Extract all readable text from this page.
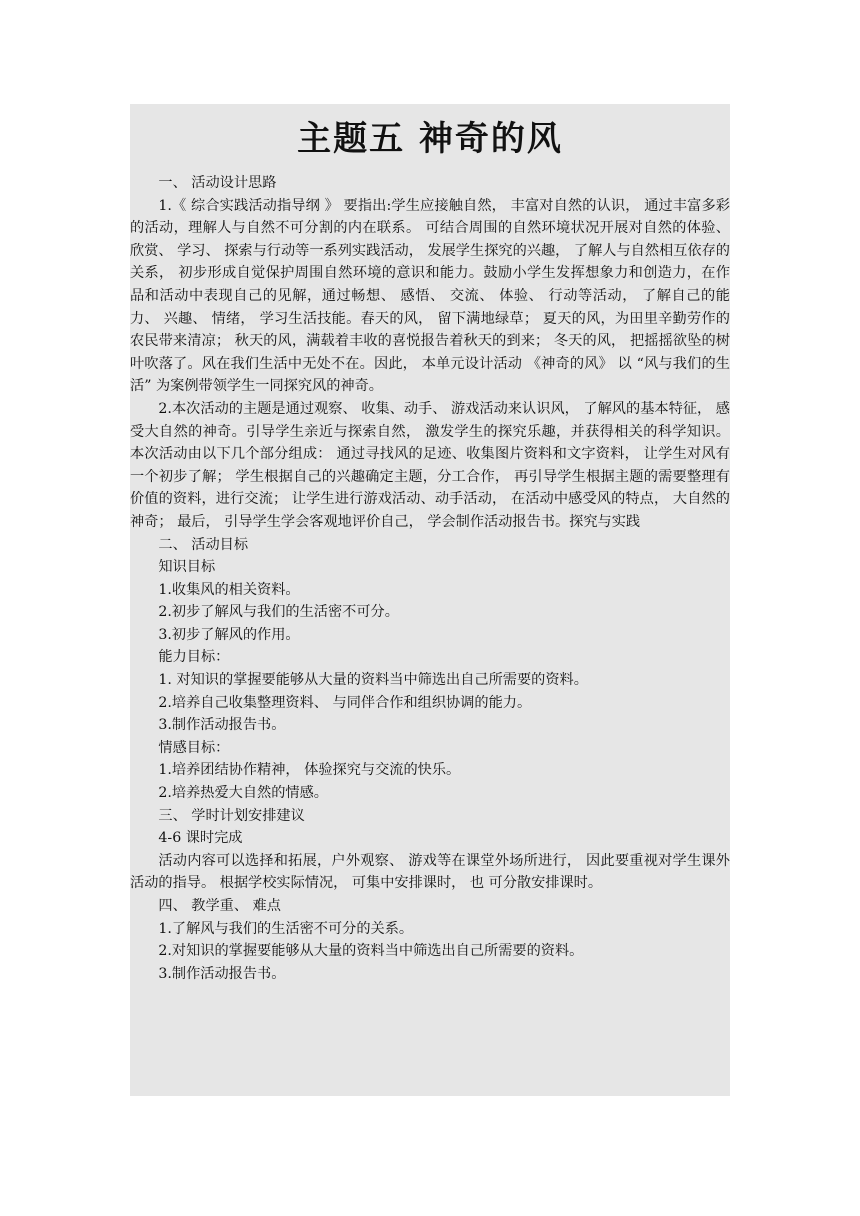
主题五 神奇的风
一、 活动设计思路
1.《 综合实践活动指导纲 》 要指出:学生应接触自然， 丰富对自然的认识， 通过丰富多彩的活动，理解人与自然不可分割的内在联系。 可结合周围的自然环境状况开展对自然的体验、 欣赏、 学习、 探索与行动等一系列实践活动， 发展学生探究的兴趣， 了解人与自然相互依存的关系， 初步形成自觉保护周围自然环境的意识和能力。鼓励小学生发挥想象力和创造力，在作品和活动中表现自己的见解，通过畅想、 感悟、 交流、 体验、 行动等活动， 了解自己的能力、 兴趣、 情绪， 学习生活技能。春天的风， 留下满地绿草； 夏天的风，为田里辛勤劳作的农民带来清凉； 秋天的风，满载着丰收的喜悦报告着秋天的到来； 冬天的风， 把摇摇欲坠的树叶吹落了。风在我们生活中无处不在。因此， 本单元设计活动 《神奇的风》 以 “风与我们的生活” 为案例带领学生一同探究风的神奇。
2.本次活动的主题是通过观察、 收集、动手、 游戏活动来认识风， 了解风的基本特征， 感受大自然的神奇。引导学生亲近与探索自然， 激发学生的探究乐趣，并获得相关的科学知识。本次活动由以下几个部分组成： 通过寻找风的足迹、收集图片资料和文字资料， 让学生对风有一个初步了解； 学生根据自己的兴趣确定主题，分工合作， 再引导学生根据主题的需要整理有价值的资料，进行交流； 让学生进行游戏活动、动手活动， 在活动中感受风的特点， 大自然的神奇； 最后， 引导学生学会客观地评价自己， 学会制作活动报告书。探究与实践
二、 活动目标
知识目标
1.收集风的相关资料。
2.初步了解风与我们的生活密不可分。
3.初步了解风的作用。
能力目标：
1. 对知识的掌握要能够从大量的资料当中筛选出自己所需要的资料。
2.培养自己收集整理资料、 与同伴合作和组织协调的能力。
3.制作活动报告书。
情感目标：
1.培养团结协作精神， 体验探究与交流的快乐。
2.培养热爱大自然的情感。
三、 学时计划安排建议
4-6 课时完成
活动内容可以选择和拓展，户外观察、 游戏等在课堂外场所进行， 因此要重视对学生课外活动的指导。 根据学校实际情况， 可集中安排课时， 也 可分散安排课时。
四、 教学重、 难点
1.了解风与我们的生活密不可分的关系。
2.对知识的掌握要能够从大量的资料当中筛选出自己所需要的资料。
3.制作活动报告书。
